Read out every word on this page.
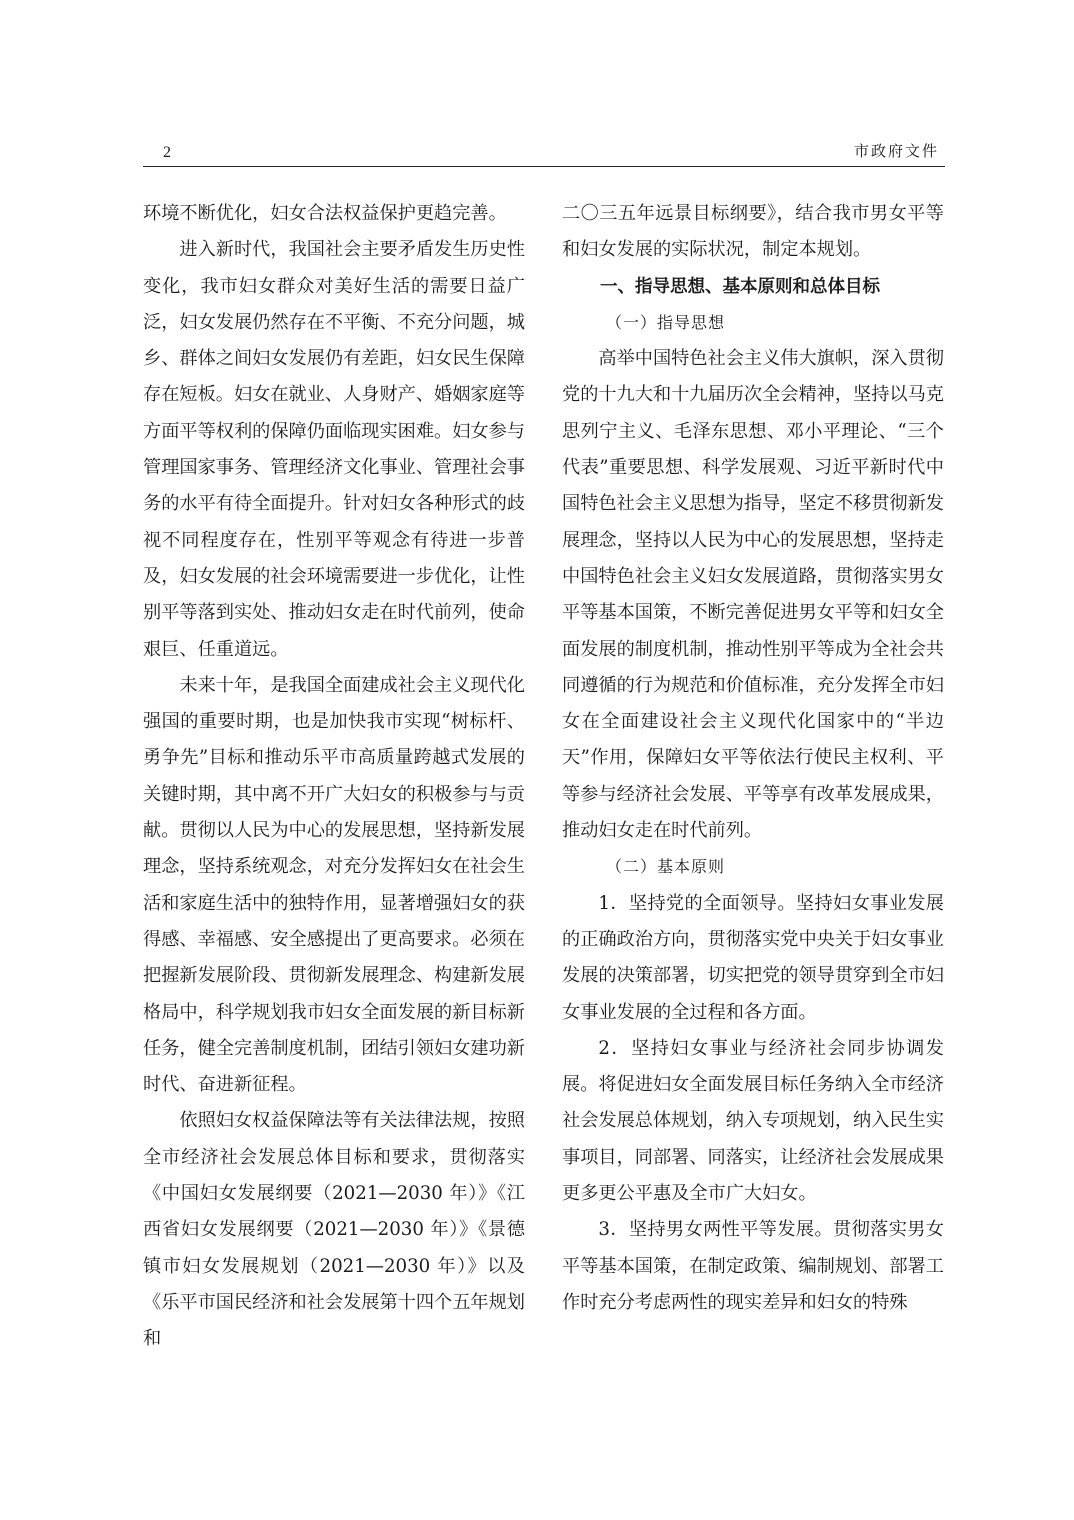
2	市政府文件

环境不断优化，妇女合法权益保护更趋完善。

进入新时代，我国社会主要矛盾发生历史性变化，我市妇女群众对美好生活的需要日益广泛，妇女发展仍然存在不平衡、不充分问题，城乡、群体之间妇女发展仍有差距，妇女民生保障存在短板。妇女在就业、人身财产、婚姻家庭等方面平等权利的保障仍面临现实困难。妇女参与管理国家事务、管理经济文化事业、管理社会事务的水平有待全面提升。针对妇女各种形式的歧视不同程度存在，性别平等观念有待进一步普及，妇女发展的社会环境需要进一步优化，让性别平等落到实处、推动妇女走在时代前列，使命艰巨、任重道远。

未来十年，是我国全面建成社会主义现代化强国的重要时期，也是加快我市实现“树标杆、勇争先”目标和推动乐平市高质量跨越式发展的关键时期，其中离不开广大妇女的积极参与与贡献。贯彻以人民为中心的发展思想，坚持新发展理念，坚持系统观念，对充分发挥妇女在社会生活和家庭生活中的独特作用，显著增强妇女的获得感、幸福感、安全感提出了更高要求。必须在把握新发展阶段、贯彻新发展理念、构建新发展格局中，科学规划我市妇女全面发展的新目标新任务，健全完善制度机制，团结引领妇女建功新时代、奋进新征程。

依照妇女权益保障法等有关法律法规，按照全市经济社会发展总体目标和要求，贯彻落实《中国妇女发展纲要（2021—2030 年）》《江西省妇女发展纲要（2021—2030 年）》《景德镇市妇女发展规划（2021—2030 年）》以及《乐平市国民经济和社会发展第十四个五年规划和

二〇三五年远景目标纲要》，结合我市男女平等和妇女发展的实际状况，制定本规划。

一、指导思想、基本原则和总体目标

（一）指导思想

高举中国特色社会主义伟大旗帜，深入贯彻党的十九大和十九届历次全会精神，坚持以马克思列宁主义、毛泽东思想、邓小平理论、“三个代表”重要思想、科学发展观、习近平新时代中国特色社会主义思想为指导，坚定不移贯彻新发展理念，坚持以人民为中心的发展思想，坚持走中国特色社会主义妇女发展道路，贯彻落实男女平等基本国策，不断完善促进男女平等和妇女全面发展的制度机制，推动性别平等成为全社会共同遵循的行为规范和价值标准，充分发挥全市妇女在全面建设社会主义现代化国家中的“半边天”作用，保障妇女平等依法行使民主权利、平等参与经济社会发展、平等享有改革发展成果，推动妇女走在时代前列。

（二）基本原则

1．坚持党的全面领导。坚持妇女事业发展的正确政治方向，贯彻落实党中央关于妇女事业发展的决策部署，切实把党的领导贯穿到全市妇女事业发展的全过程和各方面。

2．坚持妇女事业与经济社会同步协调发展。将促进妇女全面发展目标任务纳入全市经济社会发展总体规划，纳入专项规划，纳入民生实事项目，同部署、同落实，让经济社会发展成果更多更公平惠及全市广大妇女。

3．坚持男女两性平等发展。贯彻落实男女平等基本国策，在制定政策、编制规划、部署工作时充分考虑两性的现实差异和妇女的特殊
